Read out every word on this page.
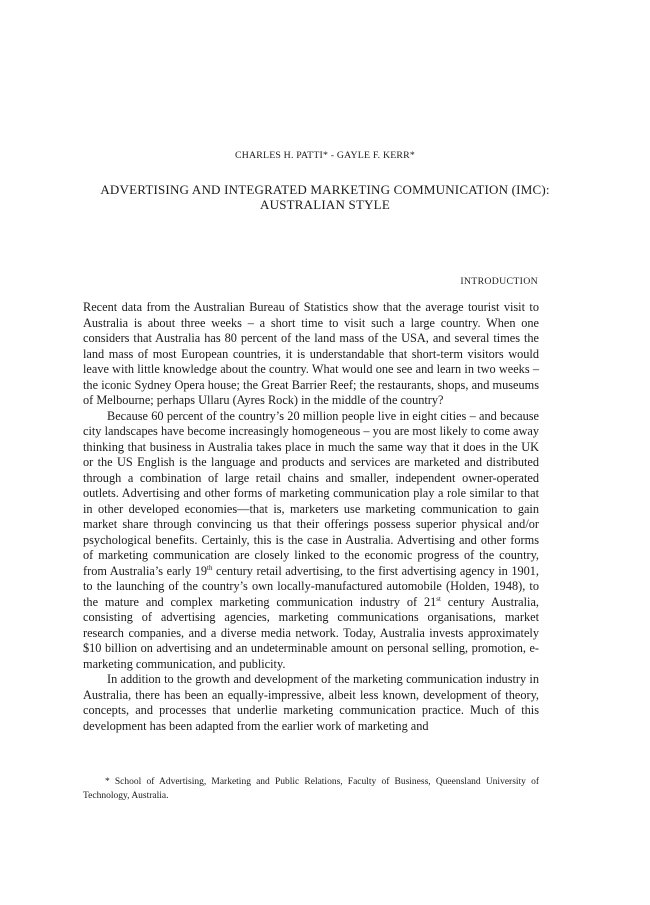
CHARLES H. PATTI* - GAYLE F. KERR*
ADVERTISING AND INTEGRATED MARKETING COMMUNICATION (IMC):
AUSTRALIAN STYLE
INTRODUCTION

Recent data from the Australian Bureau of Statistics show that the average tourist visit to Australia is about three weeks – a short time to visit such a large country. When one considers that Australia has 80 percent of the land mass of the USA, and several times the land mass of most European countries, it is understandable that short-term visitors would leave with little knowledge about the country. What would one see and learn in two weeks – the iconic Sydney Opera house; the Great Barrier Reef; the restaurants, shops, and museums of Melbourne; perhaps Ullaru (Ayres Rock) in the middle of the country?

Because 60 percent of the country’s 20 million people live in eight cities – and because city landscapes have become increasingly homogeneous – you are most likely to come away thinking that business in Australia takes place in much the same way that it does in the UK or the US English is the language and products and services are marketed and distributed through a combination of large retail chains and smaller, independent owner-operated outlets. Advertising and other forms of marketing communication play a role similar to that in other developed economies—that is, marketers use marketing communication to gain market share through convincing us that their offerings possess superior physical and/or psychological benefits. Certainly, this is the case in Australia. Advertising and other forms of marketing communication are closely linked to the economic progress of the country, from Australia’s early 19th century retail advertising, to the first advertising agency in 1901, to the launching of the country’s own locally-manufactured automobile (Holden, 1948), to the mature and complex marketing communication industry of 21st century Australia, consisting of advertising agencies, marketing communications organisations, market research companies, and a diverse media network. Today, Australia invests approximately $10 billion on advertising and an undeterminable amount on personal selling, promotion, e-marketing communication, and publicity.

In addition to the growth and development of the marketing communication industry in Australia, there has been an equally-impressive, albeit less known, development of theory, concepts, and processes that underlie marketing communication practice. Much of this development has been adapted from the earlier work of marketing and

* School of Advertising, Marketing and Public Relations, Faculty of Business, Queensland University of Technology, Australia.
